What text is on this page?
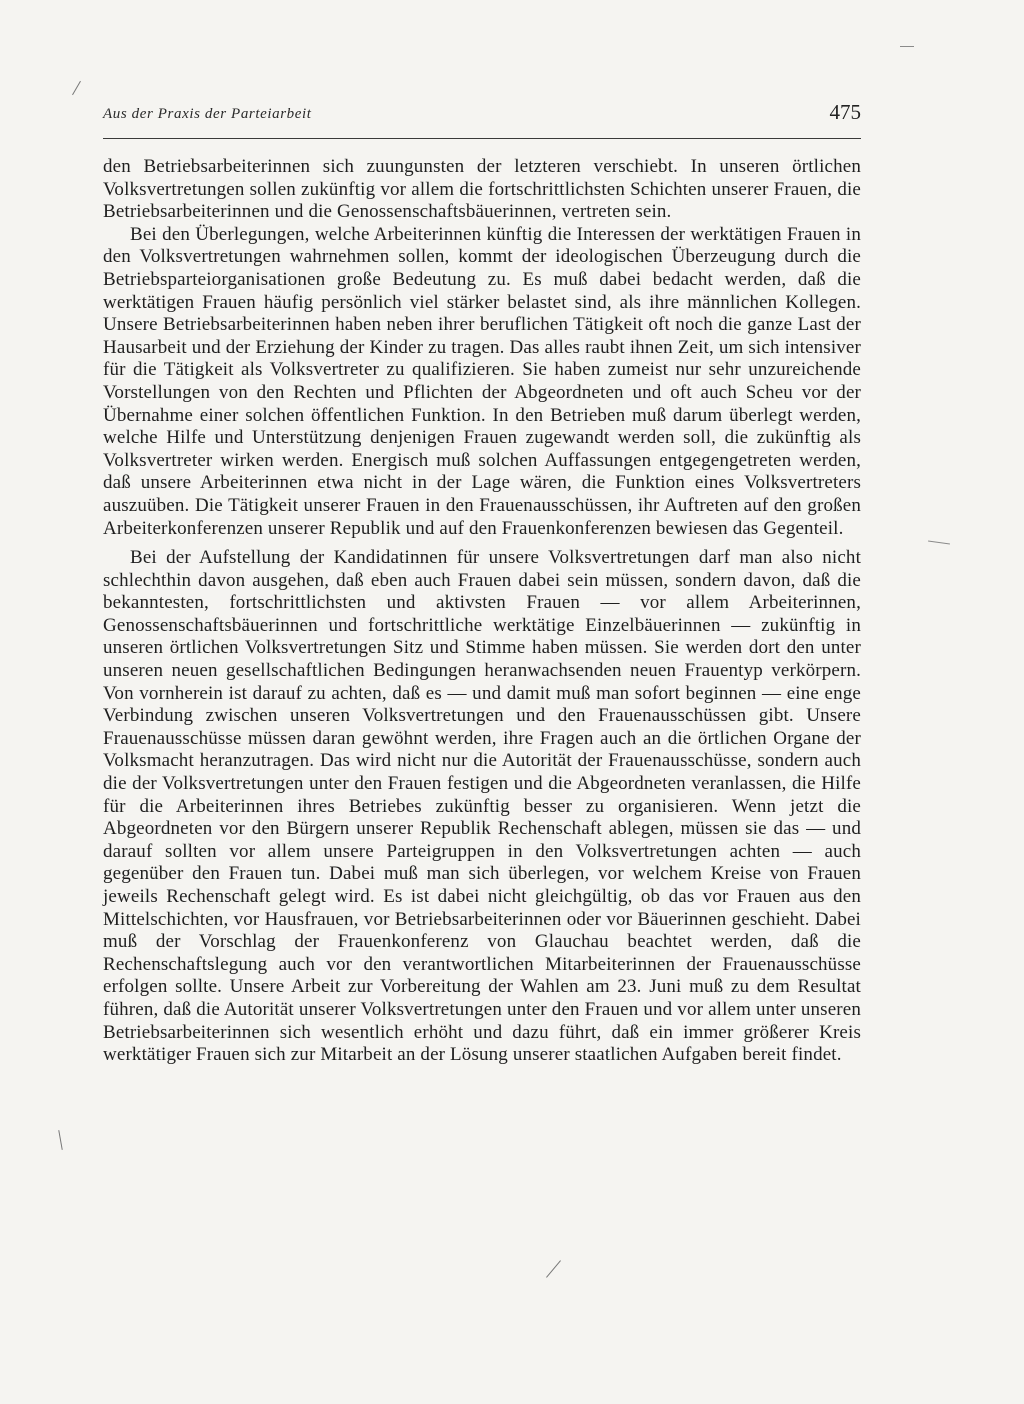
Aus der Praxis der Parteiarbeit	475

den Betriebsarbeiterinnen sich zuungunsten der letzteren verschiebt. In unseren örtlichen Volksvertretungen sollen zukünftig vor allem die fortschrittlichsten Schichten unserer Frauen, die Betriebsarbeiterinnen und die Genossenschaftsbäuerinnen, vertreten sein.

Bei den Überlegungen, welche Arbeiterinnen künftig die Interessen der werktätigen Frauen in den Volksvertretungen wahrnehmen sollen, kommt der ideologischen Überzeugung durch die Betriebsparteiorganisationen große Bedeutung zu. Es muß dabei bedacht werden, daß die werktätigen Frauen häufig persönlich viel stärker belastet sind, als ihre männlichen Kollegen. Unsere Betriebsarbeiterinnen haben neben ihrer beruflichen Tätigkeit oft noch die ganze Last der Hausarbeit und der Erziehung der Kinder zu tragen. Das alles raubt ihnen Zeit, um sich intensiver für die Tätigkeit als Volksvertreter zu qualifizieren. Sie haben zumeist nur sehr unzureichende Vorstellungen von den Rechten und Pflichten der Abgeordneten und oft auch Scheu vor der Übernahme einer solchen öffentlichen Funktion. In den Betrieben muß darum überlegt werden, welche Hilfe und Unterstützung denjenigen Frauen zugewandt werden soll, die zukünftig als Volksvertreter wirken werden. Energisch muß solchen Auffassungen entgegengetreten werden, daß unsere Arbeiterinnen etwa nicht in der Lage wären, die Funktion eines Volksvertreters auszuüben. Die Tätigkeit unserer Frauen in den Frauenausschüssen, ihr Auftreten auf den großen Arbeiterkonferenzen unserer Republik und auf den Frauenkonferenzen bewiesen das Gegenteil.

Bei der Aufstellung der Kandidatinnen für unsere Volksvertretungen darf man also nicht schlechthin davon ausgehen, daß eben auch Frauen dabei sein müssen, sondern davon, daß die bekanntesten, fortschrittlichsten und aktivsten Frauen — vor allem Arbeiterinnen, Genossenschaftsbäuerinnen und fortschrittliche werktätige Einzelbäuerinnen — zukünftig in unseren örtlichen Volksvertretungen Sitz und Stimme haben müssen. Sie werden dort den unter unseren neuen gesellschaftlichen Bedingungen heranwachsenden neuen Frauentyp verkörpern. Von vornherein ist darauf zu achten, daß es — und damit muß man sofort beginnen — eine enge Verbindung zwischen unseren Volksvertretungen und den Frauenausschüssen gibt. Unsere Frauenausschüsse müssen daran gewöhnt werden, ihre Fragen auch an die örtlichen Organe der Volksmacht heranzutragen. Das wird nicht nur die Autorität der Frauenausschüsse, sondern auch die der Volksvertretungen unter den Frauen festigen und die Abgeordneten veranlassen, die Hilfe für die Arbeiterinnen ihres Betriebes zukünftig besser zu organisieren. Wenn jetzt die Abgeordneten vor den Bürgern unserer Republik Rechenschaft ablegen, müssen sie das — und darauf sollten vor allem unsere Parteigruppen in den Volksvertretungen achten — auch gegenüber den Frauen tun. Dabei muß man sich überlegen, vor welchem Kreise von Frauen jeweils Rechenschaft gelegt wird. Es ist dabei nicht gleichgültig, ob das vor Frauen aus den Mittelschichten, vor Hausfrauen, vor Betriebsarbeiterinnen oder vor Bäuerinnen geschieht. Dabei muß der Vorschlag der Frauenkonferenz von Glauchau beachtet werden, daß die Rechenschaftslegung auch vor den verantwortlichen Mitarbeiterinnen der Frauenausschüsse erfolgen sollte. Unsere Arbeit zur Vorbereitung der Wahlen am 23. Juni muß zu dem Resultat führen, daß die Autorität unserer Volksvertretungen unter den Frauen und vor allem unter unseren Betriebsarbeiterinnen sich wesentlich erhöht und dazu führt, daß ein immer größerer Kreis werktätiger Frauen sich zur Mitarbeit an der Lösung unserer staatlichen Aufgaben bereit findet.
